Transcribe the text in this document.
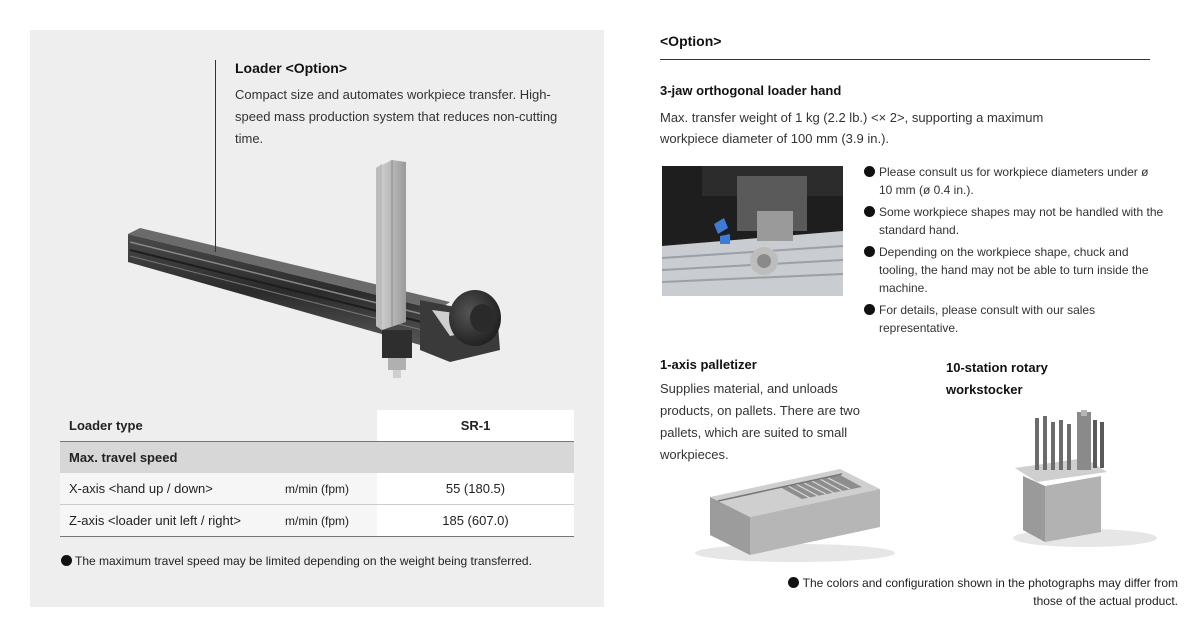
Loader <Option>
Compact size and automates workpiece transfer. High-speed mass production system that reduces non-cutting time.
Loader type		SR-1
Max. travel speed		
X-axis <hand up / down>	m/min (fpm)	55 (180.5)
Z-axis <loader unit left / right>	m/min (fpm)	185 (607.0)
The maximum travel speed may be limited depending on the weight being transferred.
<Option>
3-jaw orthogonal loader hand
Max. transfer weight of 1 kg (2.2 lb.) <× 2>, supporting a maximum workpiece diameter of 100 mm (3.9 in.).
Please consult us for workpiece diameters under ø 10 mm (ø 0.4 in.).
Some workpiece shapes may not be handled with the standard hand.
Depending on the workpiece shape, chuck and tooling, the hand may not be able to turn inside the machine.
For details, please consult with our sales representative.
1-axis palletizer
Supplies material, and unloads products, on pallets. There are two pallets, which are suited to small workpieces.
10-station rotary workstocker
The colors and configuration shown in the photographs may differ from those of the actual product.
